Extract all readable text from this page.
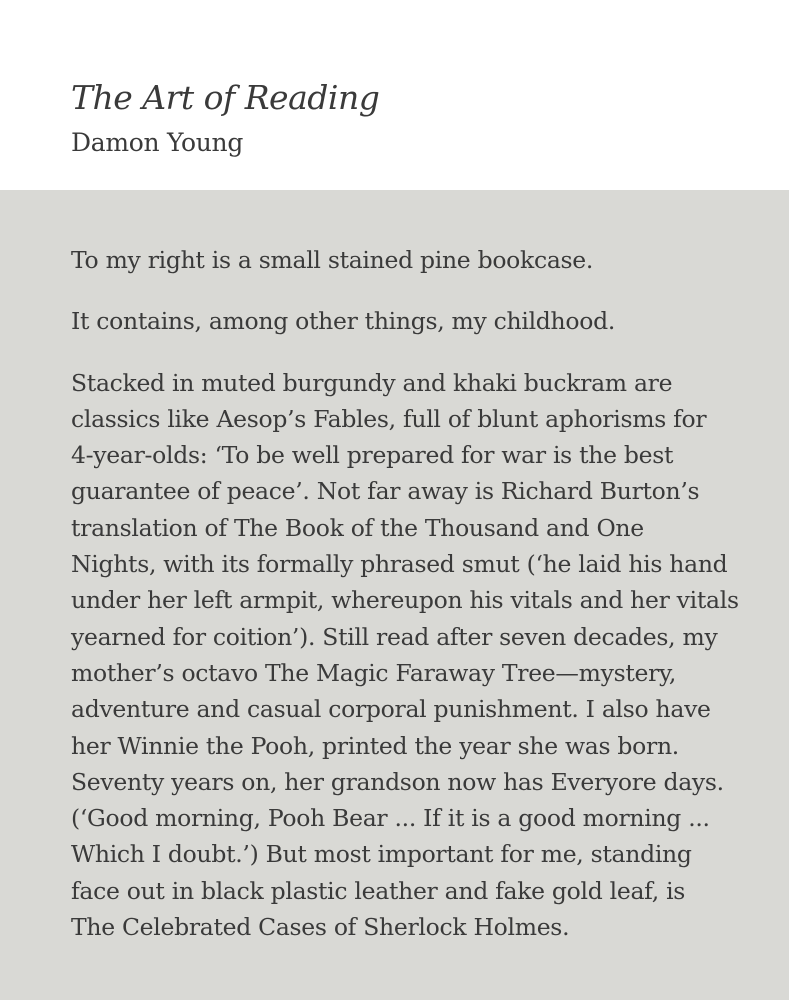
The Art of Reading
Damon Young

To my right is a small stained pine bookcase.

It contains, among other things, my childhood.

Stacked in muted burgundy and khaki buckram are
classics like Aesop’s Fables, full of blunt aphorisms for
4-year-olds: ‘To be well prepared for war is the best
guarantee of peace’. Not far away is Richard Burton’s
translation of The Book of the Thousand and One
Nights, with its formally phrased smut (‘he laid his hand
under her left armpit, whereupon his vitals and her vitals
yearned for coition’). Still read after seven decades, my
mother’s octavo The Magic Faraway Tree—mystery,
adventure and casual corporal punishment. I also have
her Winnie the Pooh, printed the year she was born.
Seventy years on, her grandson now has Everyore days.
(‘Good morning, Pooh Bear ... If it is a good morning ...
Which I doubt.’) But most important for me, standing
face out in black plastic leather and fake gold leaf, is
The Celebrated Cases of Sherlock Holmes.
